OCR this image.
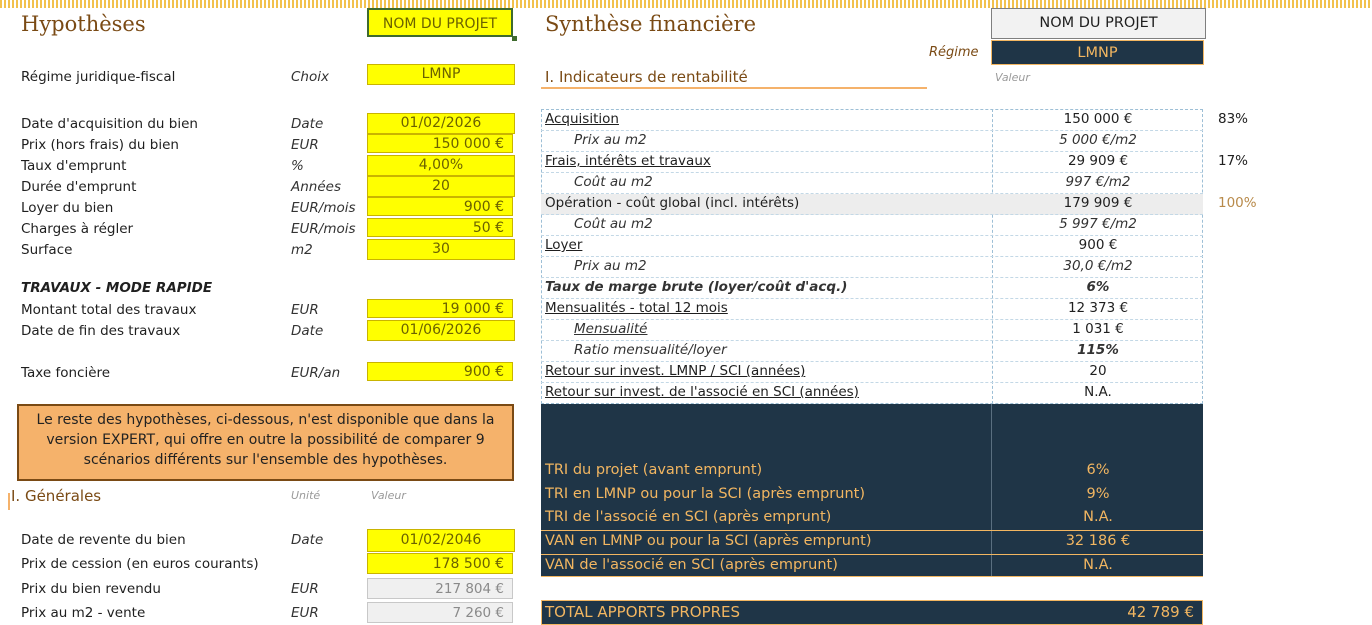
Hypothèses	NOM DU PROJET
Régime juridique-fiscal	Choix	LMNP
Date d'acquisition du bien	Date	01/02/2026
Prix (hors frais) du bien	EUR	150 000 €
Taux d'emprunt	%	4,00%
Durée d'emprunt	Années	20
Loyer du bien	EUR/mois	900 €
Charges à régler	EUR/mois	50 €
Surface	m2	30
TRAVAUX - MODE RAPIDE
Montant total des travaux	EUR	19 000 €
Date de fin des travaux	Date	01/06/2026
Taxe foncière	EUR/an	900 €
Le reste des hypothèses, ci-dessous, n'est disponible que dans la version EXPERT, qui offre en outre la possibilité de comparer 9 scénarios différents sur l'ensemble des hypothèses.
I. Générales	Unité	Valeur
Date de revente du bien	Date	01/02/2046
Prix de cession (en euros courants)	178 500 €
Prix du bien revendu	EUR	217 804 €
Prix au m2 - vente	EUR	7 260 €
Synthèse financière	NOM DU PROJET
Régime	LMNP
I. Indicateurs de rentabilité	Valeur
Acquisition	150 000 €	83%
Prix au m2	5 000 €/m2
Frais, intérêts et travaux	29 909 €	17%
Coût au m2	997 €/m2
Opération - coût global (incl. intérêts)	179 909 €	100%
Coût au m2	5 997 €/m2
Loyer	900 €
Prix au m2	30,0 €/m2
Taux de marge brute (loyer/coût d'acq.)	6%
Mensualités - total 12 mois	12 373 €
Mensualité	1 031 €
Ratio mensualité/loyer	115%
Retour sur invest. LMNP / SCI (années)	20
Retour sur invest. de l'associé en SCI (années)	N.A.
TRI du projet (avant emprunt)	6%
TRI en LMNP ou pour la SCI (après emprunt)	9%
TRI de l'associé en SCI (après emprunt)	N.A.
VAN en LMNP ou pour la SCI (après emprunt)	32 186 €
VAN de l'associé en SCI (après emprunt)	N.A.
TOTAL APPORTS PROPRES	42 789 €
